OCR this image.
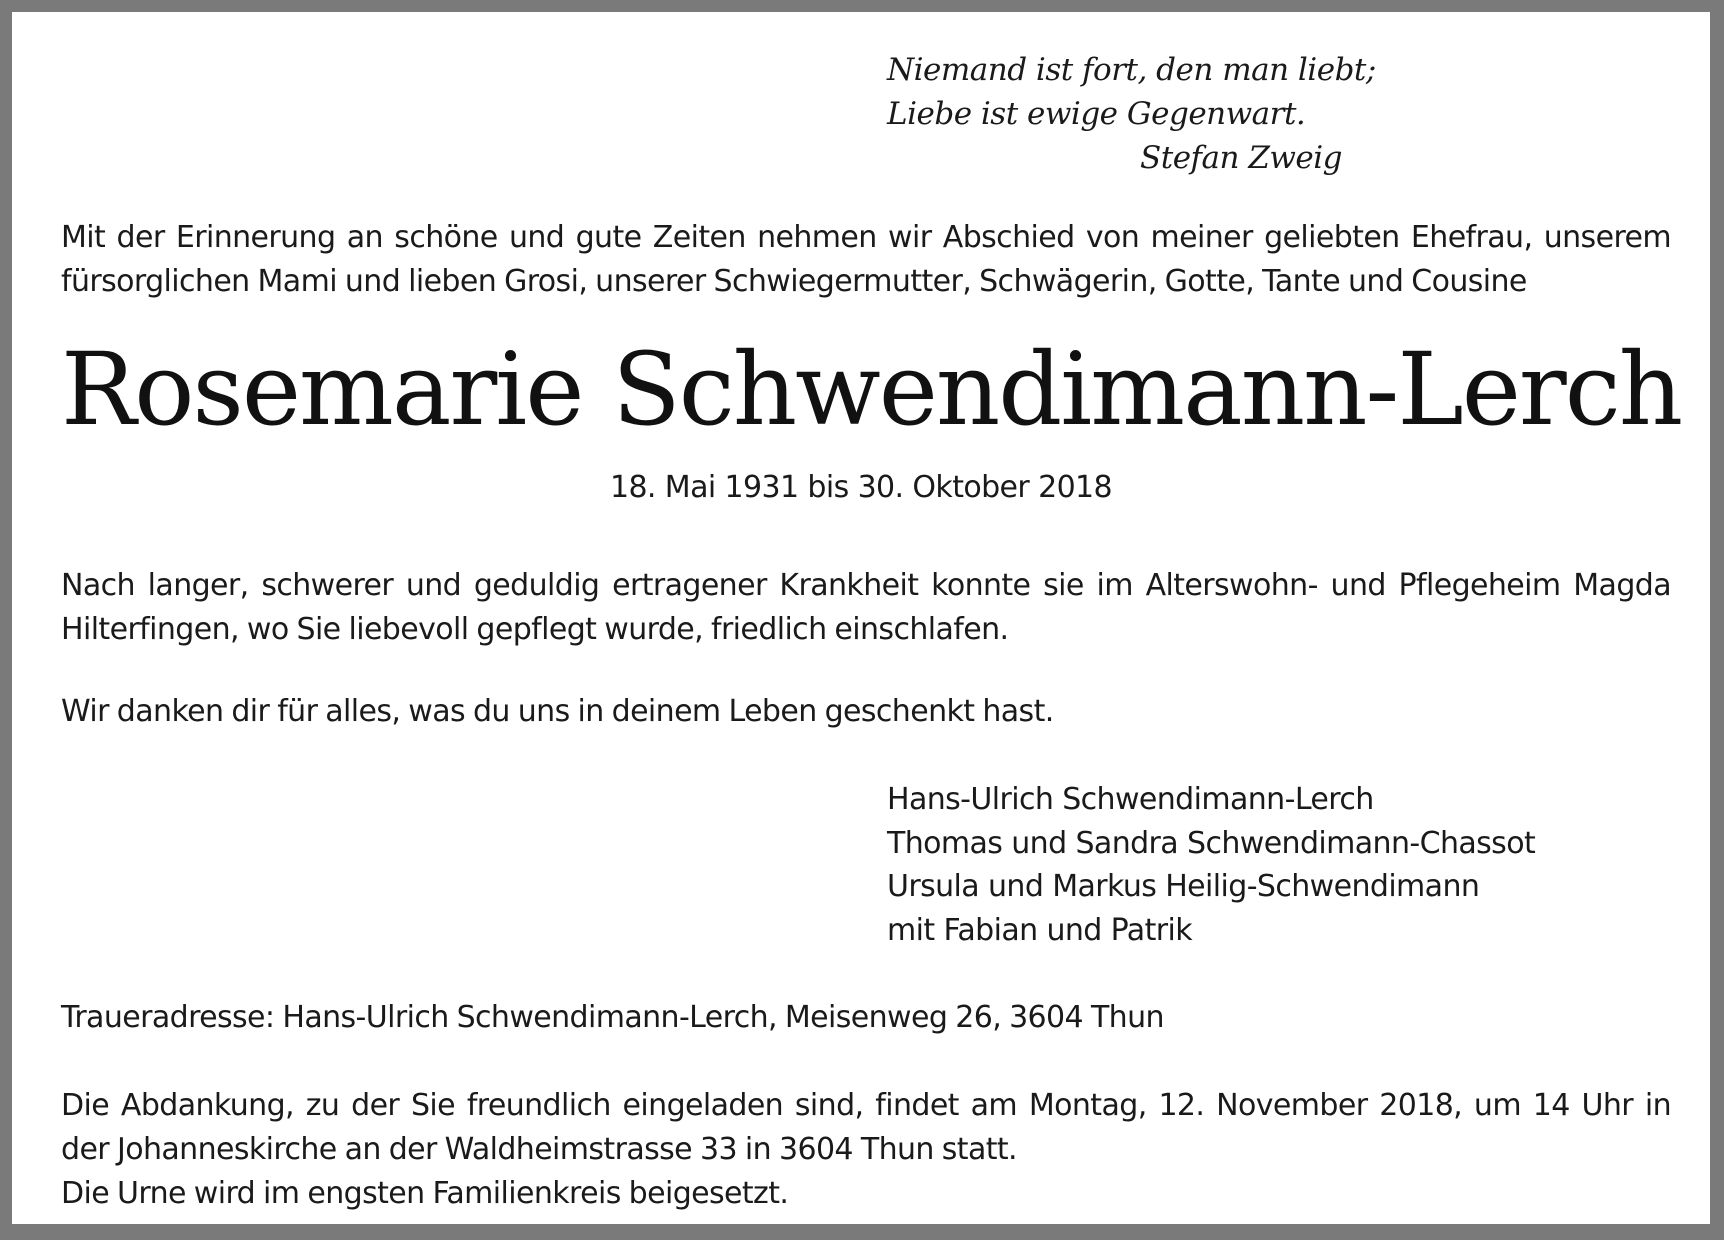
Niemand ist fort, den man liebt;
Liebe ist ewige Gegenwart.
Stefan Zweig
Mit der Erinnerung an schöne und gute Zeiten nehmen wir Abschied von meiner geliebten Ehefrau, unserem
fürsorglichen Mami und lieben Grosi, unserer Schwiegermutter, Schwägerin, Gotte, Tante und Cousine
Rosemarie Schwendimann-Lerch
18. Mai 1931 bis 30. Oktober 2018
Nach langer, schwerer und geduldig ertragener Krankheit konnte sie im Alterswohn- und Pflegeheim Magda
Hilterfingen, wo Sie liebevoll gepflegt wurde, friedlich einschlafen.
Wir danken dir für alles, was du uns in deinem Leben geschenkt hast.
Hans-Ulrich Schwendimann-Lerch
Thomas und Sandra Schwendimann-Chassot
Ursula und Markus Heilig-Schwendimann
mit Fabian und Patrik
Traueradresse: Hans-Ulrich Schwendimann-Lerch, Meisenweg 26, 3604 Thun
Die Abdankung, zu der Sie freundlich eingeladen sind, findet am Montag, 12. November 2018, um 14 Uhr in
der Johanneskirche an der Waldheimstrasse 33 in 3604 Thun statt.
Die Urne wird im engsten Familienkreis beigesetzt.
